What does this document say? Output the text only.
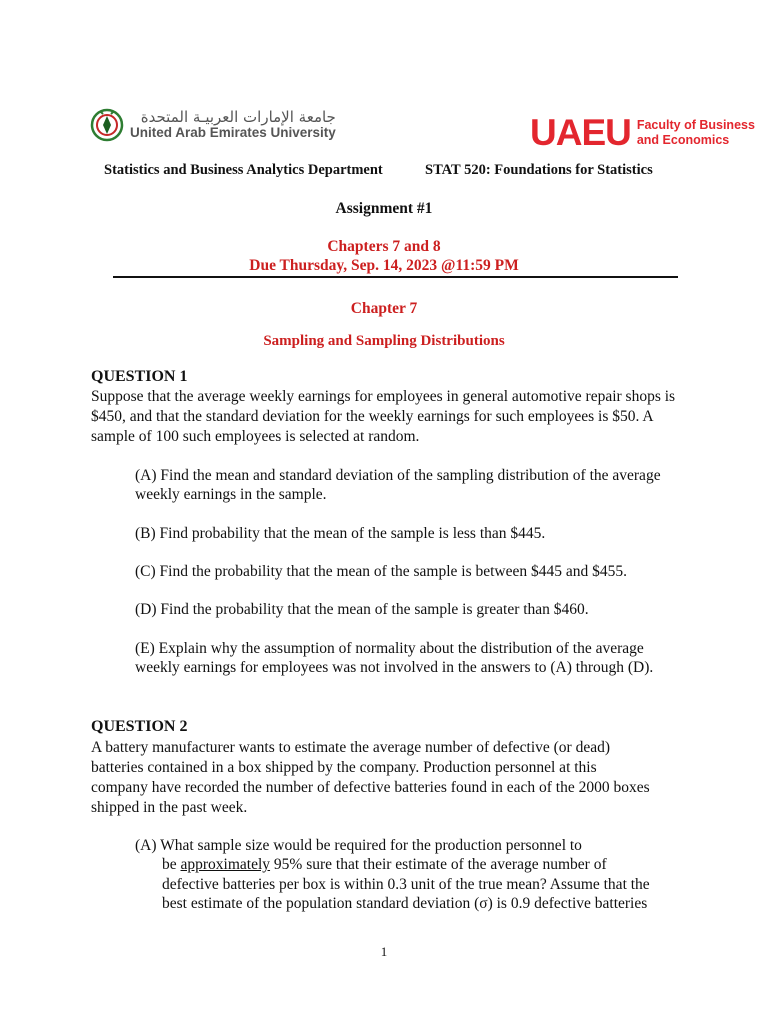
جامعة الإمارات العربيـة المتحدة
United Arab Emirates University	UAEU Faculty of Business
and Economics
Statistics and Business Analytics Department	STAT 520: Foundations for Statistics
Assignment #1
Chapters 7 and 8
Due Thursday, Sep. 14, 2023 @11:59 PM
Chapter 7
Sampling and Sampling Distributions
QUESTION 1
Suppose that the average weekly earnings for employees in general automotive repair shops is $450, and that the standard deviation for the weekly earnings for such employees is $50. A sample of 100 such employees is selected at random.
(A) Find the mean and standard deviation of the sampling distribution of the average weekly earnings in the sample.
(B) Find probability that the mean of the sample is less than $445.
(C) Find the probability that the mean of the sample is between $445 and $455.
(D) Find the probability that the mean of the sample is greater than $460.
(E) Explain why the assumption of normality about the distribution of the average weekly earnings for employees was not involved in the answers to (A) through (D).
QUESTION 2
A battery manufacturer wants to estimate the average number of defective (or dead) batteries contained in a box shipped by the company. Production personnel at this company have recorded the number of defective batteries found in each of the 2000 boxes shipped in the past week.
(A) What sample size would be required for the production personnel to
be approximately 95% sure that their estimate of the average number of
defective batteries per box is within 0.3 unit of the true mean? Assume that the
best estimate of the population standard deviation (σ) is 0.9 defective batteries
1
